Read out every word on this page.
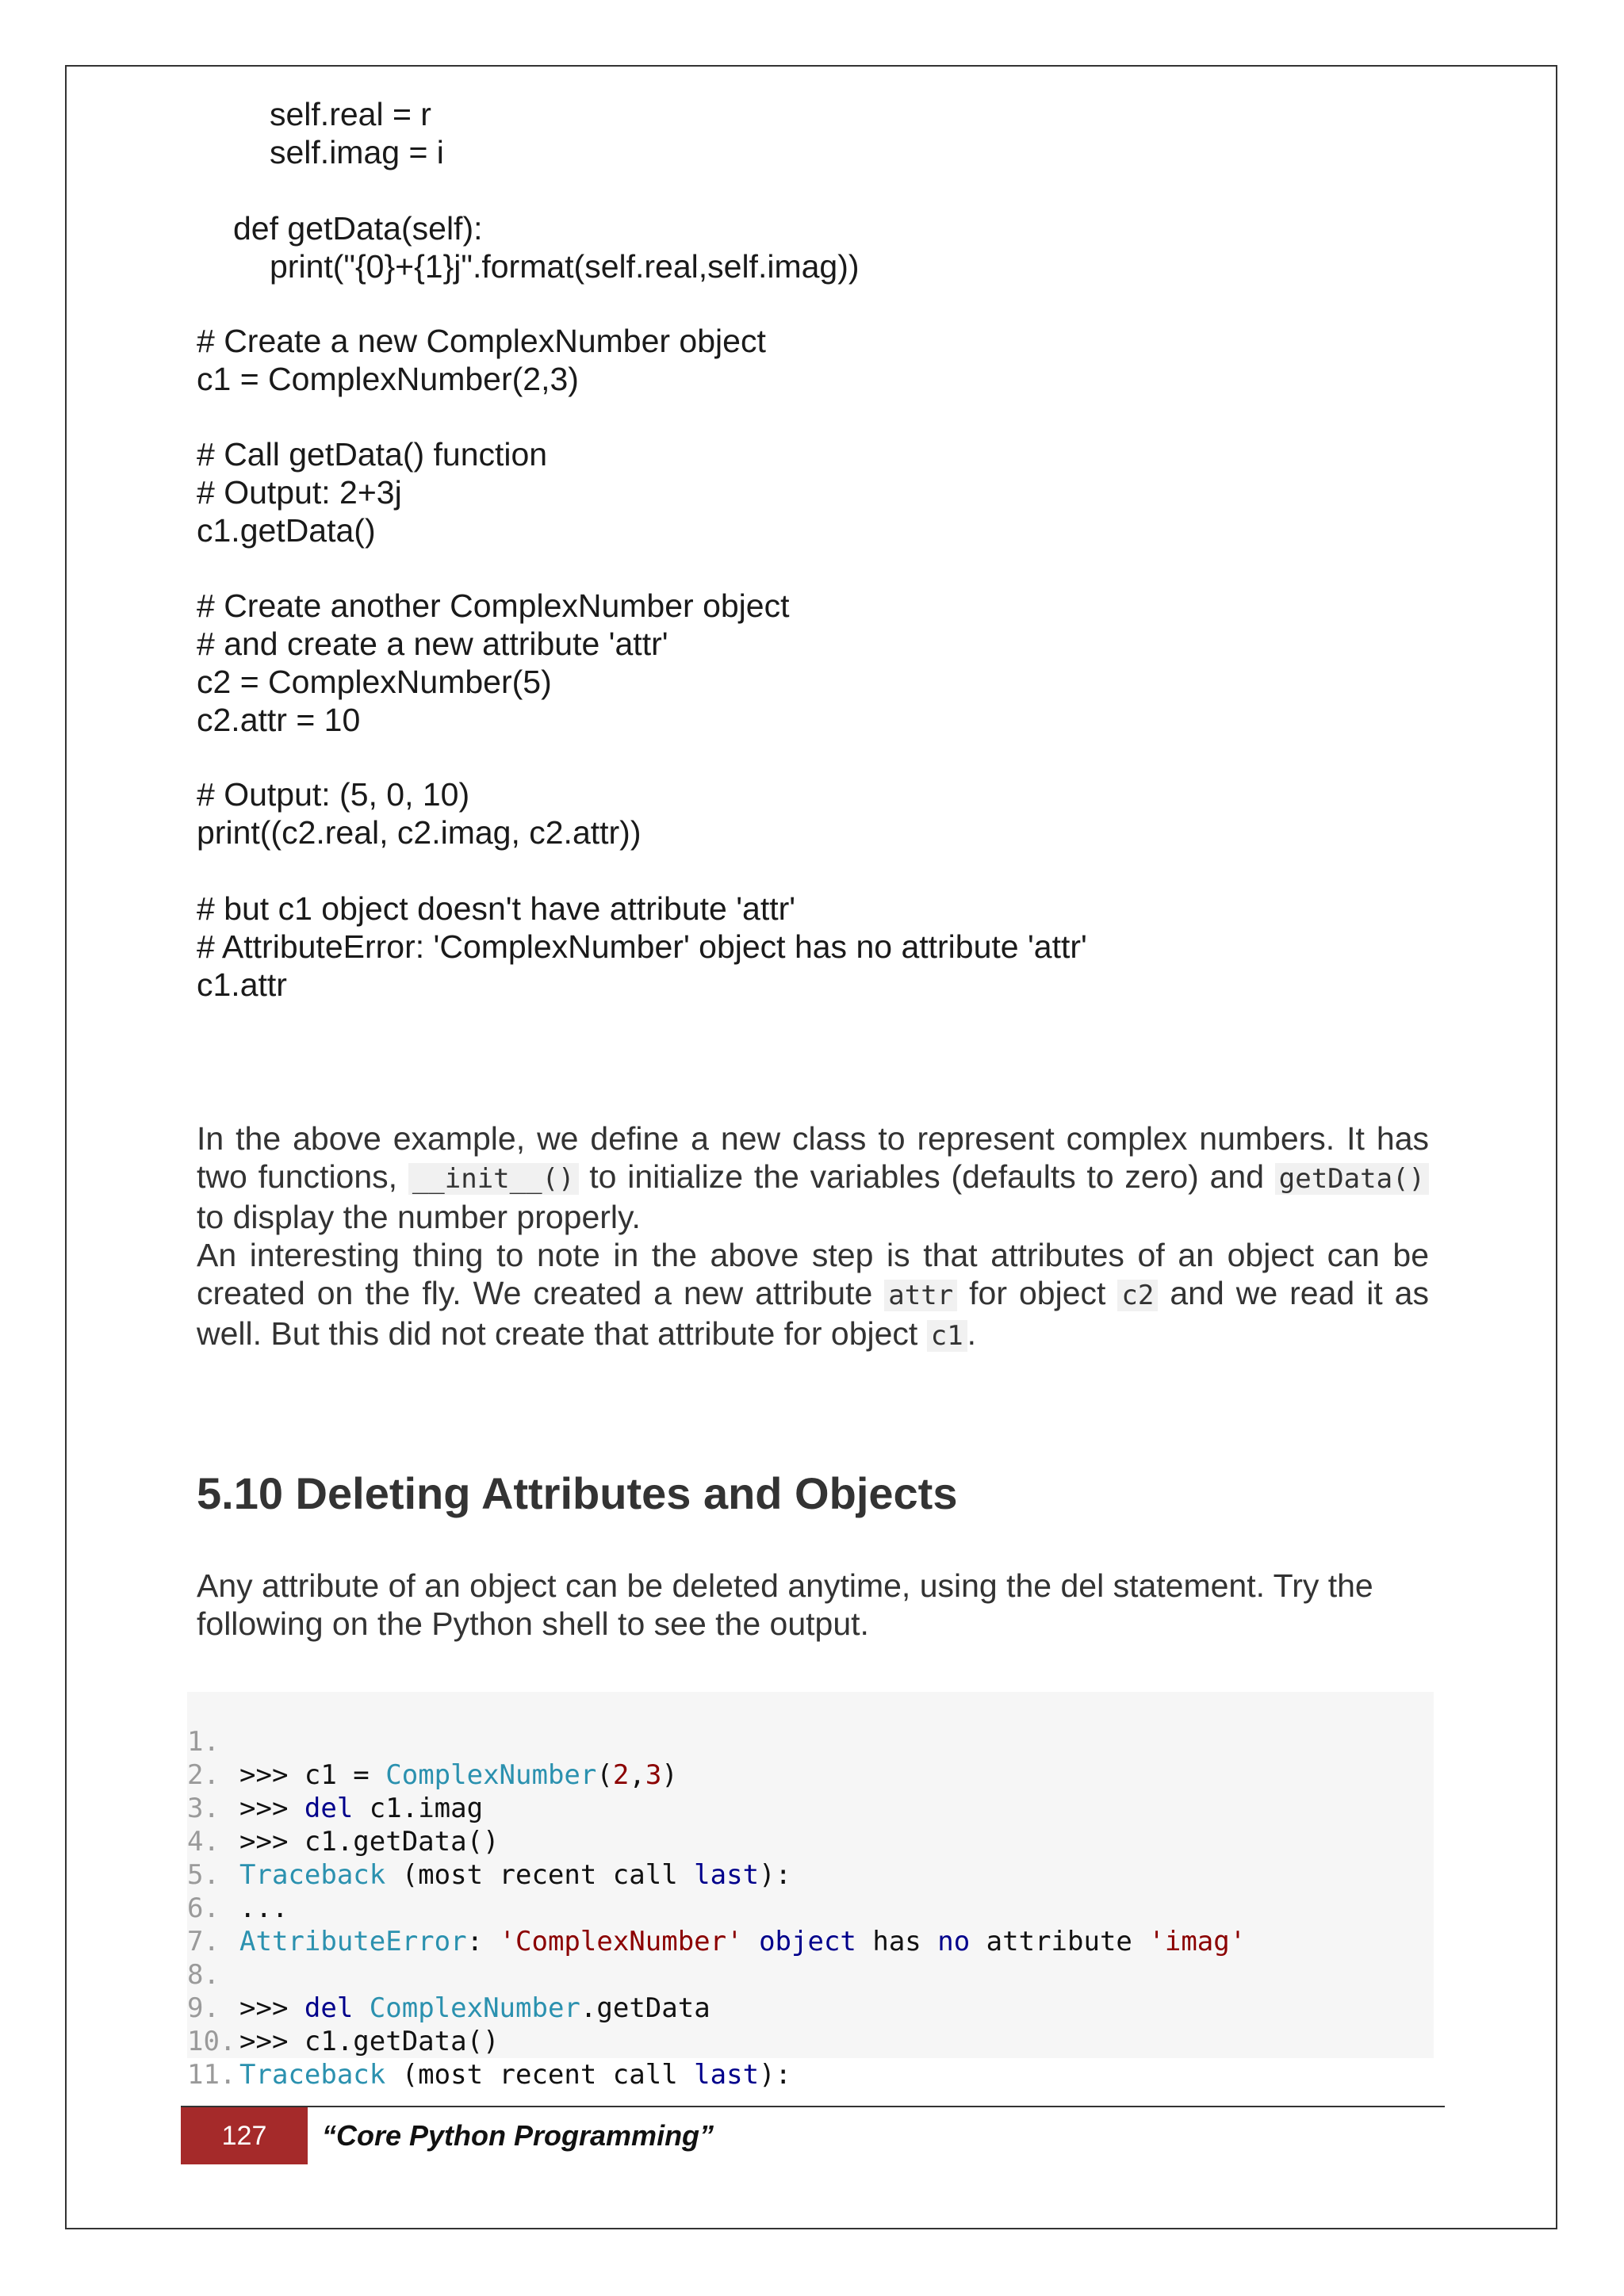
self.real = r
self.imag = i
def getData(self):
print("{0}+{1}j".format(self.real,self.imag))
# Create a new ComplexNumber object
c1 = ComplexNumber(2,3)
# Call getData() function
# Output: 2+3j
c1.getData()
# Create another ComplexNumber object
# and create a new attribute 'attr'
c2 = ComplexNumber(5)
c2.attr = 10
# Output: (5, 0, 10)
print((c2.real, c2.imag, c2.attr))
# but c1 object doesn't have attribute 'attr'
# AttributeError: 'ComplexNumber' object has no attribute 'attr'
c1.attr

In the above example, we define a new class to represent complex numbers. It has two functions, __init__() to initialize the variables (defaults to zero) and getData() to display the number properly.

An interesting thing to note in the above step is that attributes of an object can be created on the fly. We created a new attribute attr for object c2 and we read it as well. But this did not create that attribute for object c1 .

5.10 Deleting Attributes and Objects

Any attribute of an object can be deleted anytime, using the del statement. Try the following on the Python shell to see the output.

1.

>>> c1 = ComplexNumber(2,3)

2.

>>> del c1.imag

3.

>>> c1.getData()

4.

Traceback (most recent call last):

5.

...

6.

AttributeError: 'ComplexNumber' object has no attribute 'imag'

7.

8.

>>> del ComplexNumber.getData

9.

>>> c1.getData()

10.

Traceback (most recent call last):

11.

127	“Core Python Programming”
